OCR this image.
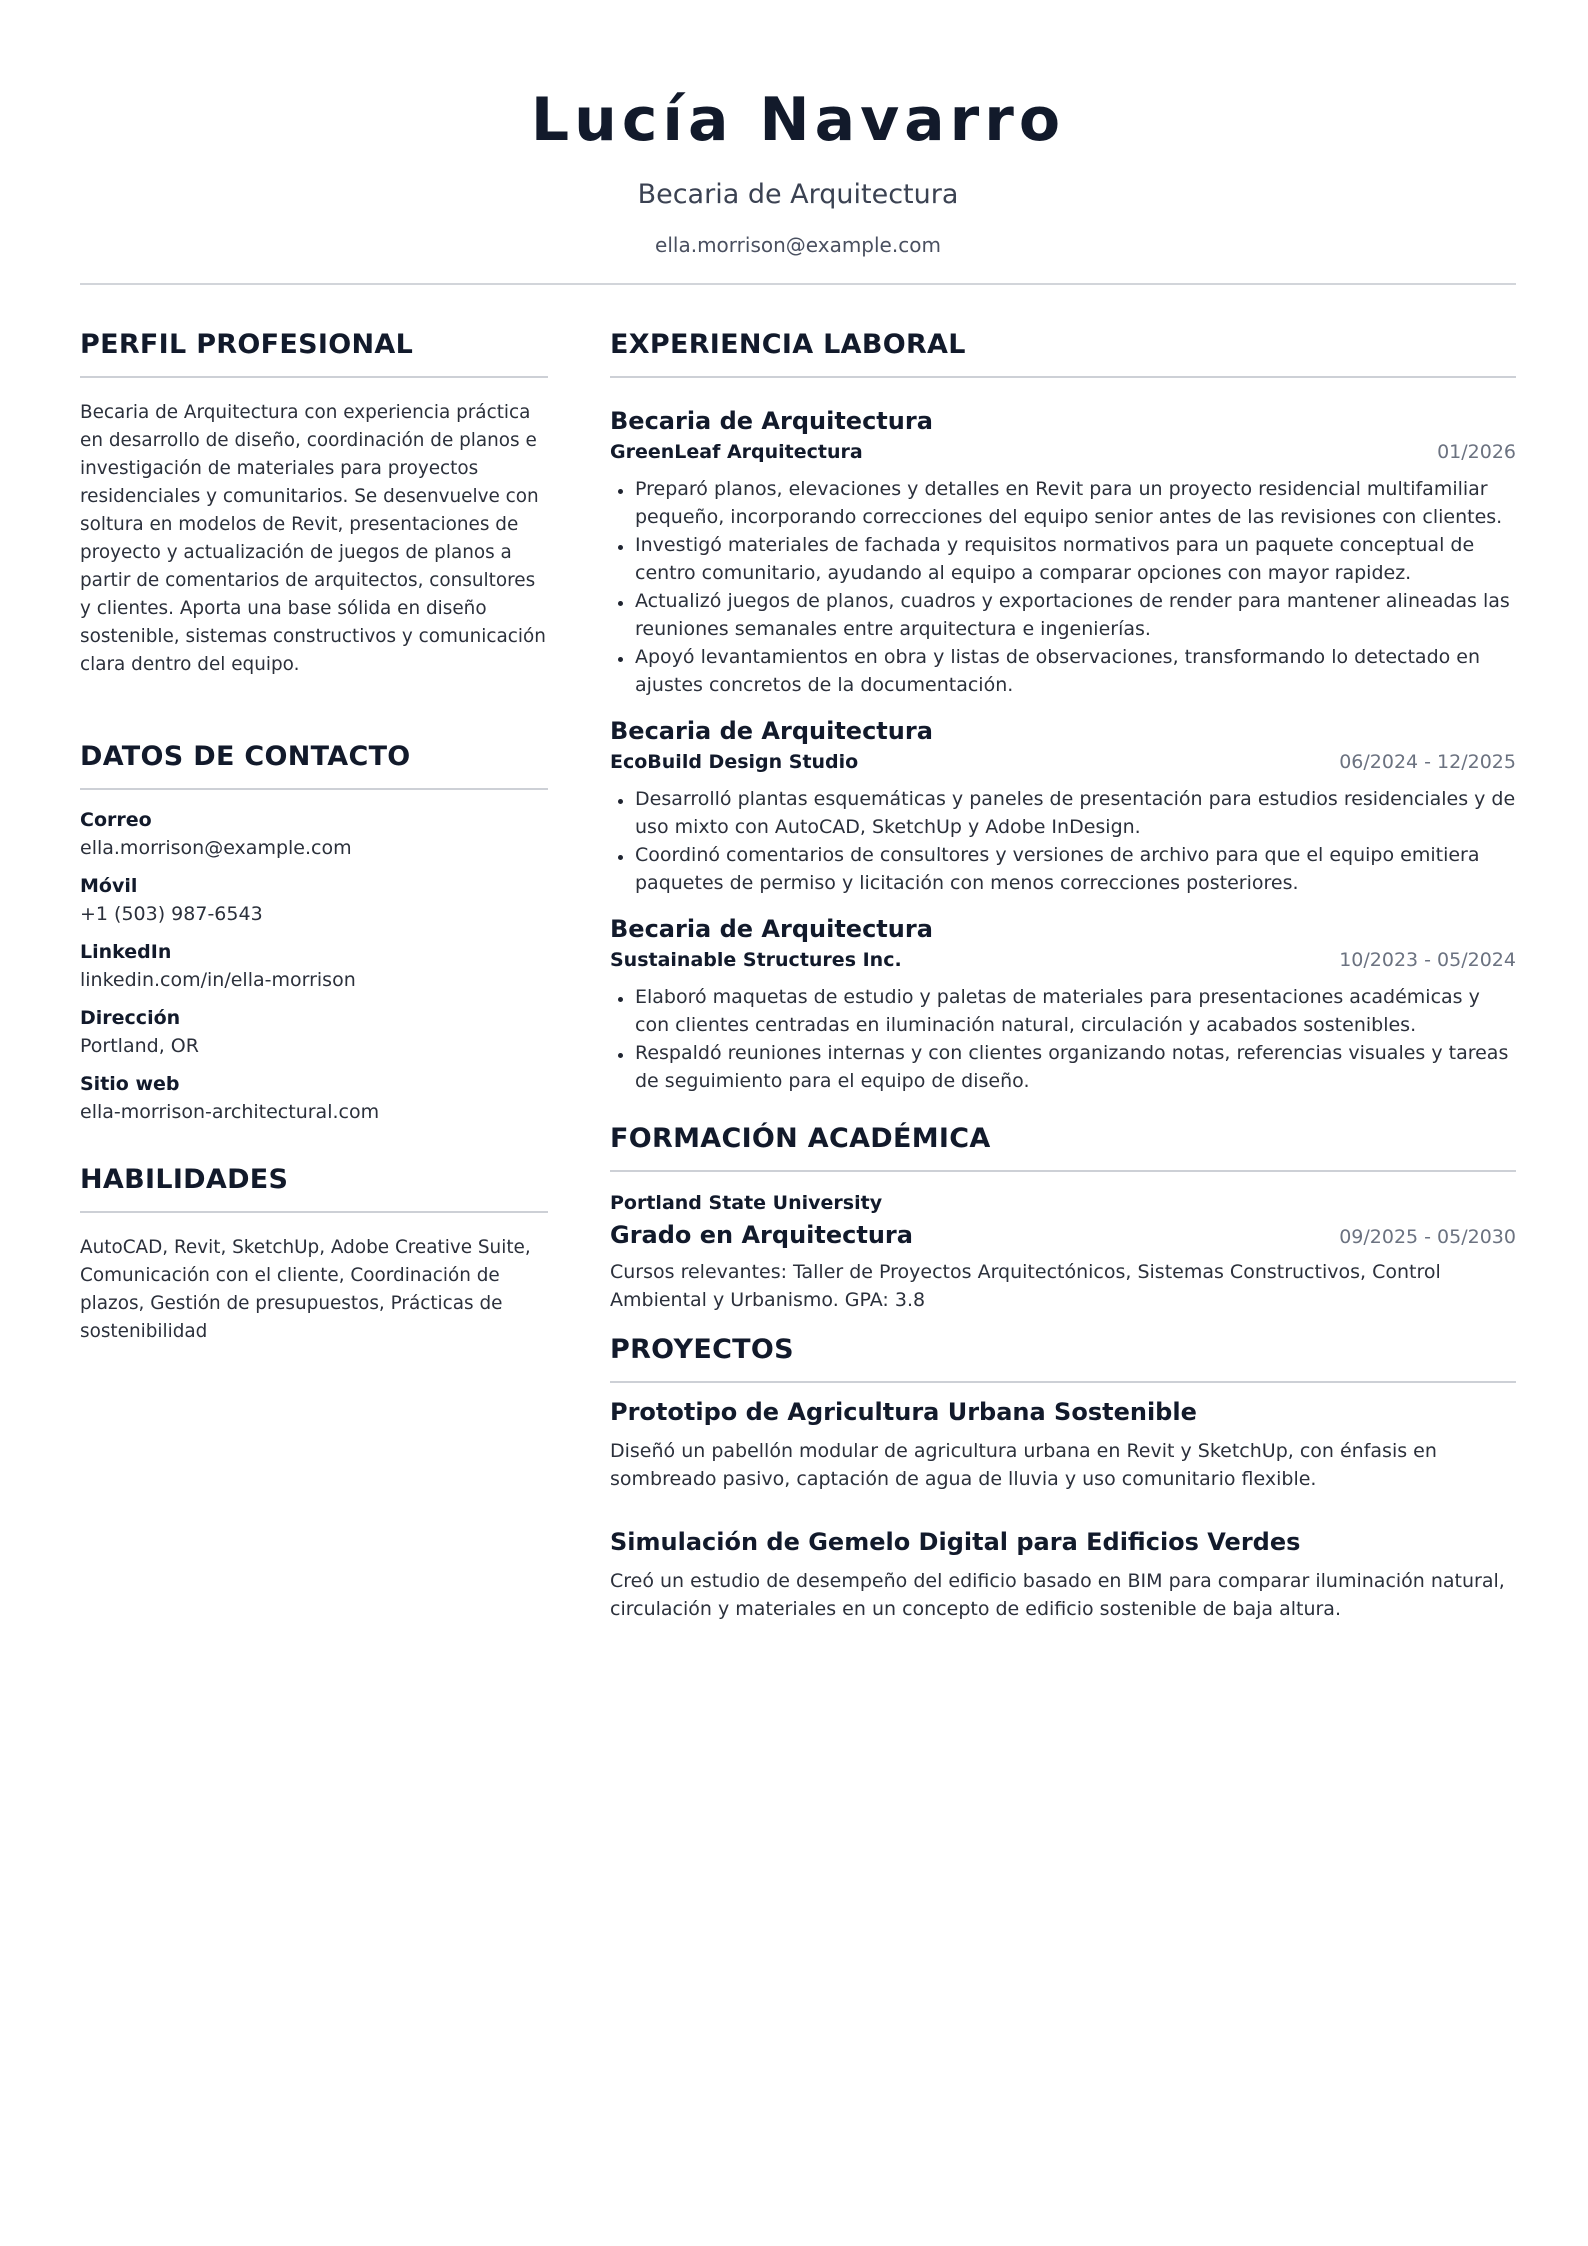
Lucía Navarro
Becaria de Arquitectura
ella.morrison@example.com
PERFIL PROFESIONAL
Becaria de Arquitectura con experiencia práctica en desarrollo de diseño, coordinación de planos e investigación de materiales para proyectos residenciales y comunitarios. Se desenvuelve con soltura en modelos de Revit, presentaciones de proyecto y actualización de juegos de planos a partir de comentarios de arquitectos, consultores y clientes. Aporta una base sólida en diseño sostenible, sistemas constructivos y comunicación clara dentro del equipo.
DATOS DE CONTACTO
Correo
ella.morrison@example.com
Móvil
+1 (503) 987-6543
LinkedIn
linkedin.com/in/ella-morrison
Dirección
Portland, OR
Sitio web
ella-morrison-architectural.com
HABILIDADES
AutoCAD, Revit, SketchUp, Adobe Creative Suite, Comunicación con el cliente, Coordinación de plazos, Gestión de presupuestos, Prácticas de sostenibilidad
EXPERIENCIA LABORAL
Becaria de Arquitectura
GreenLeaf Arquitectura	01/2026
Preparó planos, elevaciones y detalles en Revit para un proyecto residencial multifamiliar pequeño, incorporando correcciones del equipo senior antes de las revisiones con clientes.
Investigó materiales de fachada y requisitos normativos para un paquete conceptual de centro comunitario, ayudando al equipo a comparar opciones con mayor rapidez.
Actualizó juegos de planos, cuadros y exportaciones de render para mantener alineadas las reuniones semanales entre arquitectura e ingenierías.
Apoyó levantamientos en obra y listas de observaciones, transformando lo detectado en ajustes concretos de la documentación.
Becaria de Arquitectura
EcoBuild Design Studio	06/2024 - 12/2025
Desarrolló plantas esquemáticas y paneles de presentación para estudios residenciales y de uso mixto con AutoCAD, SketchUp y Adobe InDesign.
Coordinó comentarios de consultores y versiones de archivo para que el equipo emitiera paquetes de permiso y licitación con menos correcciones posteriores.
Becaria de Arquitectura
Sustainable Structures Inc.	10/2023 - 05/2024
Elaboró maquetas de estudio y paletas de materiales para presentaciones académicas y con clientes centradas en iluminación natural, circulación y acabados sostenibles.
Respaldó reuniones internas y con clientes organizando notas, referencias visuales y tareas de seguimiento para el equipo de diseño.
FORMACIÓN ACADÉMICA
Portland State University
Grado en Arquitectura	09/2025 - 05/2030
Cursos relevantes: Taller de Proyectos Arquitectónicos, Sistemas Constructivos, Control Ambiental y Urbanismo. GPA: 3.8
PROYECTOS
Prototipo de Agricultura Urbana Sostenible
Diseñó un pabellón modular de agricultura urbana en Revit y SketchUp, con énfasis en sombreado pasivo, captación de agua de lluvia y uso comunitario flexible.
Simulación de Gemelo Digital para Edificios Verdes
Creó un estudio de desempeño del edificio basado en BIM para comparar iluminación natural, circulación y materiales en un concepto de edificio sostenible de baja altura.
